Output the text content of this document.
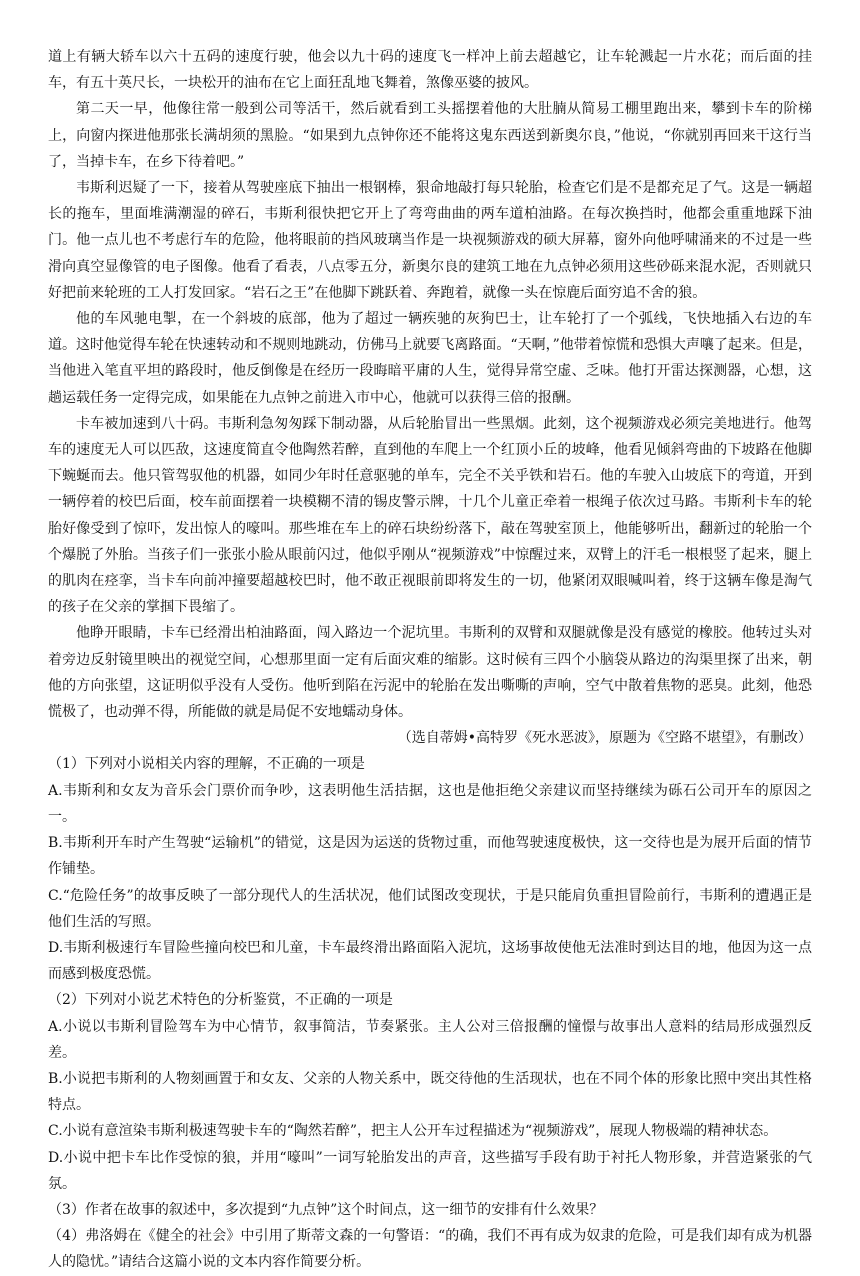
道上有辆大轿车以六十五码的速度行驶，他会以九十码的速度飞一样冲上前去超越它，让车轮溅起一片水花；而后面的挂车，有五十英尺长，一块松开的油布在它上面狂乱地飞舞着，煞像巫婆的披风。

第二天一早，他像往常一般到公司等活干，然后就看到工头摇摆着他的大肚腩从简易工棚里跑出来，攀到卡车的阶梯上，向窗内探进他那张长满胡须的黑脸。“如果到九点钟你还不能将这鬼东西送到新奥尔良，”他说，“你就别再回来干这行当了，当掉卡车，在乡下待着吧。”

韦斯利迟疑了一下，接着从驾驶座底下抽出一根钢棒，狠命地敲打每只轮胎，检查它们是不是都充足了气。这是一辆超长的拖车，里面堆满潮湿的碎石，韦斯利很快把它开上了弯弯曲曲的两车道柏油路。在每次换挡时，他都会重重地踩下油门。他一点儿也不考虑行车的危险，他将眼前的挡风玻璃当作是一块视频游戏的硕大屏幕，窗外向他呼啸涌来的不过是一些滑向真空显像管的电子图像。他看了看表，八点零五分，新奥尔良的建筑工地在九点钟必须用这些砂砾来混水泥，否则就只好把前来轮班的工人打发回家。“岩石之王”在他脚下跳跃着、奔跑着，就像一头在惊鹿后面穷追不舍的狼。

他的车风驰电掣，在一个斜坡的底部，他为了超过一辆疾驰的灰狗巴士，让车轮打了一个弧线，飞快地插入右边的车道。这时他觉得车轮在快速转动和不规则地跳动，仿佛马上就要飞离路面。“天啊，”他带着惊慌和恐惧大声嚷了起来。但是，当他进入笔直平坦的路段时，他反倒像是在经历一段晦暗平庸的人生，觉得异常空虚、乏味。他打开雷达探测器，心想，这趟运载任务一定得完成，如果能在九点钟之前进入市中心，他就可以获得三倍的报酬。

卡车被加速到八十码。韦斯利急匆匆踩下制动器，从后轮胎冒出一些黑烟。此刻，这个视频游戏必须完美地进行。他驾车的速度无人可以匹敌，这速度简直令他陶然若醉，直到他的车爬上一个红顶小丘的坡峰，他看见倾斜弯曲的下坡路在他脚下蜿蜒而去。他只管驾驭他的机器，如同少年时任意驱驰的单车，完全不关乎铁和岩石。他的车驶入山坡底下的弯道，开到一辆停着的校巴后面，校车前面摆着一块模糊不清的锡皮警示牌，十几个儿童正牵着一根绳子依次过马路。韦斯利卡车的轮胎好像受到了惊吓，发出惊人的嚎叫。那些堆在车上的碎石块纷纷落下，敲在驾驶室顶上，他能够听出，翻新过的轮胎一个个爆脱了外胎。当孩子们一张张小脸从眼前闪过，他似乎刚从“视频游戏”中惊醒过来，双臂上的汗毛一根根竖了起来，腿上的肌肉在痉挛，当卡车向前冲撞要超越校巴时，他不敢正视眼前即将发生的一切，他紧闭双眼喊叫着，终于这辆车像是淘气的孩子在父亲的掌掴下畏缩了。

他睁开眼睛，卡车已经滑出柏油路面，闯入路边一个泥坑里。韦斯利的双臂和双腿就像是没有感觉的橡胶。他转过头对着旁边反射镜里映出的视觉空间，心想那里面一定有后面灾难的缩影。这时候有三四个小脑袋从路边的沟渠里探了出来，朝他的方向张望，这证明似乎没有人受伤。他听到陷在污泥中的轮胎在发出嘶嘶的声响，空气中散着焦物的恶臭。此刻，他恐慌极了，也动弹不得，所能做的就是局促不安地蠕动身体。

（选自蒂姆•高特罗《死水恶波》，原题为《空路不堪望》，有删改）

（1）下列对小说相关内容的理解，不正确的一项是

A.韦斯利和女友为音乐会门票价而争吵，这表明他生活拮据，这也是他拒绝父亲建议而坚持继续为砾石公司开车的原因之一。

B.韦斯利开车时产生驾驶“运输机”的错觉，这是因为运送的货物过重，而他驾驶速度极快，这一交待也是为展开后面的情节作铺垫。

C.“危险任务”的故事反映了一部分现代人的生活状况，他们试图改变现状，于是只能肩负重担冒险前行，韦斯利的遭遇正是他们生活的写照。

D.韦斯利极速行车冒险些撞向校巴和儿童，卡车最终滑出路面陷入泥坑，这场事故使他无法准时到达目的地，他因为这一点而感到极度恐慌。

（2）下列对小说艺术特色的分析鉴赏，不正确的一项是

A.小说以韦斯利冒险驾车为中心情节，叙事简洁，节奏紧张。主人公对三倍报酬的憧憬与故事出人意料的结局形成强烈反差。

B.小说把韦斯利的人物刻画置于和女友、父亲的人物关系中，既交待他的生活现状，也在不同个体的形象比照中突出其性格特点。

C.小说有意渲染韦斯利极速驾驶卡车的“陶然若醉”，把主人公开车过程描述为“视频游戏”，展现人物极端的精神状态。

D.小说中把卡车比作受惊的狼，并用“嚎叫”一词写轮胎发出的声音，这些描写手段有助于衬托人物形象，并营造紧张的气氛。

（3）作者在故事的叙述中，多次提到“九点钟”这个时间点，这一细节的安排有什么效果？

（4）弗洛姆在《健全的社会》中引用了斯蒂文森的一句警语：“的确，我们不再有成为奴隶的危险，可是我们却有成为机器人的隐忧。”请结合这篇小说的文本内容作简要分析。
